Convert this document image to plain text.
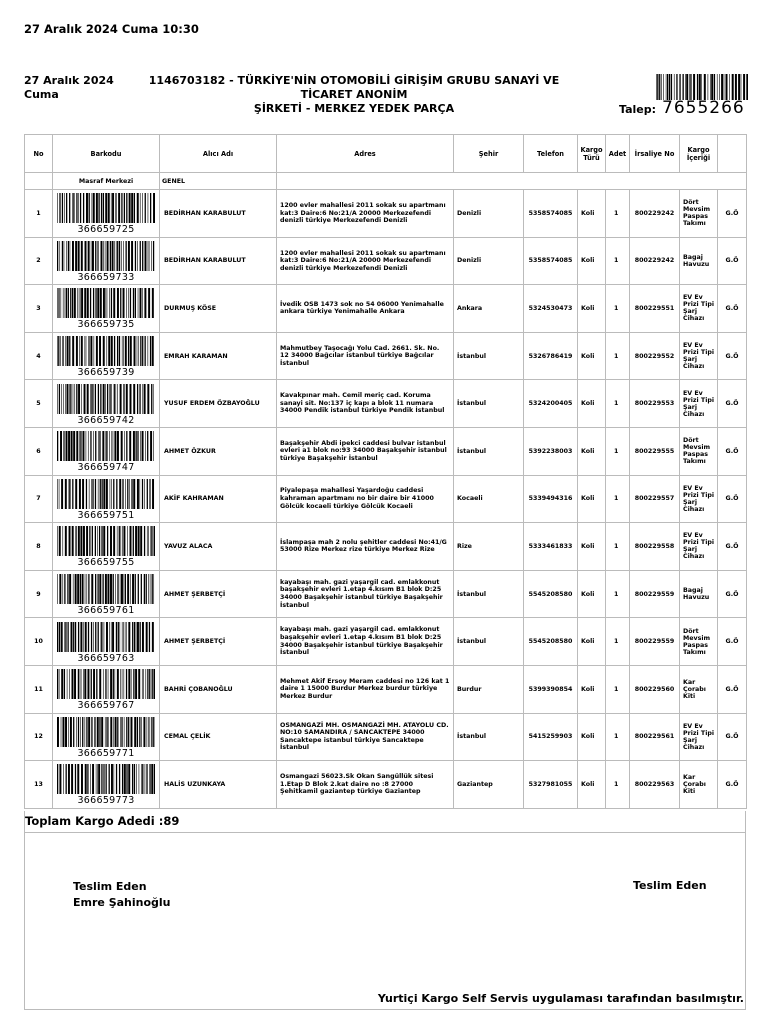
27 Aralık 2024 Cuma 10:30
27 Aralık 2024
Cuma
1146703182 - TÜRKİYE'NİN OTOMOBİLİ GİRİŞİM GRUBU SANAYİ VE TİCARET ANONİM
ŞİRKETİ - MERKEZ YEDEK PARÇA	Talep: 7655266
No	Barkodu	Alıcı Adı	Adres	Şehir	Telefon	Kargo Türü	Adet	İrsaliye No	Kargo İçeriği	
	Masraf Merkezi	GENEL								
1	366659725	BEDİRHAN KARABULUT	1200 evler mahallesi 2011 sokak su apartmanı kat:3 Daire:6 No:21/A 20000 Merkezefendi denizli türkiye Merkezefendi Denizli	Denizli	5358574085	Koli	1	800229242	Dört Mevsim Paspas Takımı	G.Ö
2	366659733	BEDİRHAN KARABULUT	1200 evler mahallesi 2011 sokak su apartmanı kat:3 Daire:6 No:21/A 20000 Merkezefendi denizli türkiye Merkezefendi Denizli	Denizli	5358574085	Koli	1	800229242	Bagaj Havuzu	G.Ö
3	366659735	DURMUŞ KÖSE	İvedik OSB 1473 sok no 54 06000 Yenimahalle ankara türkiye Yenimahalle Ankara	Ankara	5324530473	Koli	1	800229551	EV Ev Prizi Tipi Şarj Cihazı	G.Ö
4	366659739	EMRAH KARAMAN	Mahmutbey Taşocağı Yolu Cad. 2661. Sk. No. 12 34000 Bağcılar istanbul türkiye Bağcılar İstanbul	İstanbul	5326786419	Koli	1	800229552	EV Ev Prizi Tipi Şarj Cihazı	G.Ö
5	366659742	YUSUF ERDEM ÖZBAYOĞLU	Kavakpınar mah. Cemil meriç cad. Koruma sanayi sit. No:137 iç kapı a blok 11 numara 34000 Pendik istanbul türkiye Pendik İstanbul	İstanbul	5324200405	Koli	1	800229553	EV Ev Prizi Tipi Şarj Cihazı	G.Ö
6	366659747	AHMET ÖZKUR	Başakşehir Abdi ipekci caddesi bulvar istanbul evleri a1 blok no:93 34000 Başakşehir istanbul türkiye Başakşehir İstanbul	İstanbul	5392238003	Koli	1	800229555	Dört Mevsim Paspas Takımı	G.Ö
7	366659751	AKİF KAHRAMAN	Piyalepaşa mahallesi Yaşardoğu caddesi kahraman apartmanı no bir daire bir 41000 Gölcük kocaeli türkiye Gölcük Kocaeli	Kocaeli	5339494316	Koli	1	800229557	EV Ev Prizi Tipi Şarj Cihazı	G.Ö
8	366659755	YAVUZ ALACA	İslampaşa mah 2 nolu şehitler caddesi No:41/G 53000 Rize Merkez rize türkiye Merkez Rize	Rize	5333461833	Koli	1	800229558	EV Ev Prizi Tipi Şarj Cihazı	G.Ö
9	366659761	AHMET ŞERBETÇİ	kayabaşı mah. gazi yaşargil cad. emlakkonut başakşehir evleri 1.etap 4.kısım B1 blok D:25 34000 Başakşehir istanbul türkiye Başakşehir İstanbul	İstanbul	5545208580	Koli	1	800229559	Bagaj Havuzu	G.Ö
10	366659763	AHMET ŞERBETÇİ	kayabaşı mah. gazi yaşargil cad. emlakkonut başakşehir evleri 1.etap 4.kısım B1 blok D:25 34000 Başakşehir istanbul türkiye Başakşehir İstanbul	İstanbul	5545208580	Koli	1	800229559	Dört Mevsim Paspas Takımı	G.Ö
11	366659767	BAHRİ ÇOBANOĞLU	Mehmet Akif Ersoy Meram caddesi no 126 kat 1 daire 1 15000 Burdur Merkez burdur türkiye Merkez Burdur	Burdur	5399390854	Koli	1	800229560	Kar Çorabı Kiti	G.Ö
12	366659771	CEMAL ÇELİK	OSMANGAZİ MH. OSMANGAZİ MH. ATAYOLU CD. NO:10 SAMANDIRA / SANCAKTEPE 34000 Sancaktepe istanbul türkiye Sancaktepe İstanbul	İstanbul	5415259903	Koli	1	800229561	EV Ev Prizi Tipi Şarj Cihazı	G.Ö
13	366659773	HALİS UZUNKAYA	Osmangazi 56023.Sk Okan Sangüllük sitesi 1.Etap D Blok 2.kat daire no :8 27000 Şehitkamil gaziantep türkiye Gaziantep	Gaziantep	5327981055	Koli	1	800229563	Kar Çorabı Kiti	G.Ö
Toplam Kargo Adedi :89
Teslim Eden
Emre Şahinoğlu
Teslim Eden
Yurtiçi Kargo Self Servis uygulaması tarafından basılmıştır.
